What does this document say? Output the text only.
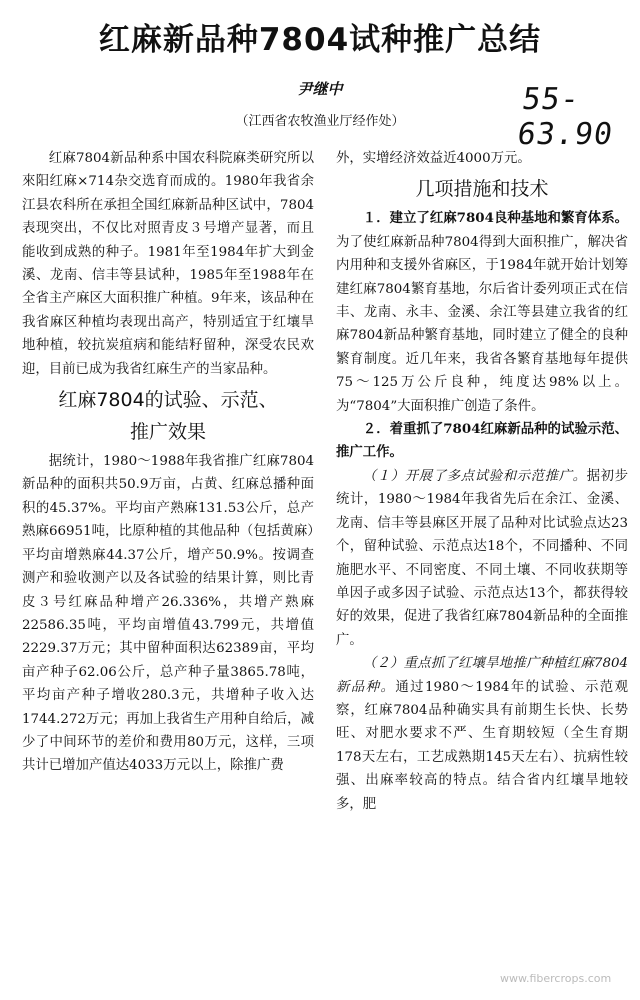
红麻新品种7804试种推广总结
尹继中	55-63.90
（江西省农牧渔业厅经作处）

红麻7804新品种系中国农科院麻类研究所以來阳红麻×714杂交选育而成的。1980年我省余江县农科所在承担全国红麻新品种区试中，7804表现突出，不仅比对照青皮３号增产显著，而且能收到成熟的种子。1981年至1984年扩大到金溪、龙南、信丰等县试种，1985年至1988年在全省主产麻区大面积推广种植。9年来，该品种在我省麻区种植均表现出高产，特别适宜于红壤旱地种植，较抗炭疽病和能结籽留种，深受农民欢迎，目前已成为我省红麻生产的当家品种。

红麻7804的试验、示范、
推广效果

据统计，1980～1988年我省推广红麻7804新品种的面积共50.9万亩，占黄、红麻总播种面积的45.37%。平均亩产熟麻131.53公斤，总产熟麻66951吨，比原种植的其他品种（包括黄麻）平均亩增熟麻44.37公斤，增产50.9%。按调查测产和验收测产以及各试验的结果计算，则比青皮３号红麻品种增产26.336%，共增产熟麻22586.35吨，平均亩增值43.799元，共增值2229.37万元；其中留种面积达62389亩，平均亩产种子62.06公斤，总产种子量3865.78吨，平均亩产种子增收280.3元，共增种子收入达1744.272万元；再加上我省生产用种自给后，减少了中间环节的差价和费用80万元，这样，三项共计已增加产值达4033万元以上，除推广费

外，实增经济效益近4000万元。

几项措施和技术

１．建立了红麻7804良种基地和繁育体系。为了使红麻新品种7804得到大面积推广，解决省内用种和支援外省麻区，于1984年就开始计划筹建红麻7804繁育基地，尔后省计委列项正式在信丰、龙南、永丰、金溪、余江等县建立我省的红麻7804新品种繁育基地，同时建立了健全的良种繁育制度。近几年来，我省各繁育基地每年提供75～125万公斤良种，纯度达98%以上。为“7804”大面积推广创造了条件。

２．着重抓了7804红麻新品种的试验示范、推广工作。

（１）开展了多点试验和示范推广。据初步统计，1980～1984年我省先后在余江、金溪、龙南、信丰等县麻区开展了品种对比试验点达23个，留种试验、示范点达18个，不同播种、不同施肥水平、不同密度、不同土壤、不同收获期等单因子或多因子试验、示范点达13个，都获得较好的效果，促进了我省红麻7804新品种的全面推广。

（２）重点抓了红壤旱地推广种植红麻7804新品种。通过1980～1984年的试验、示范观察，红麻7804品种确实具有前期生长快、长势旺、对肥水要求不严、生育期较短（全生育期178天左右，工艺成熟期145天左右）、抗病性较强、出麻率较高的特点。结合省内红壤旱地较多，肥

www.fibercrops.com
